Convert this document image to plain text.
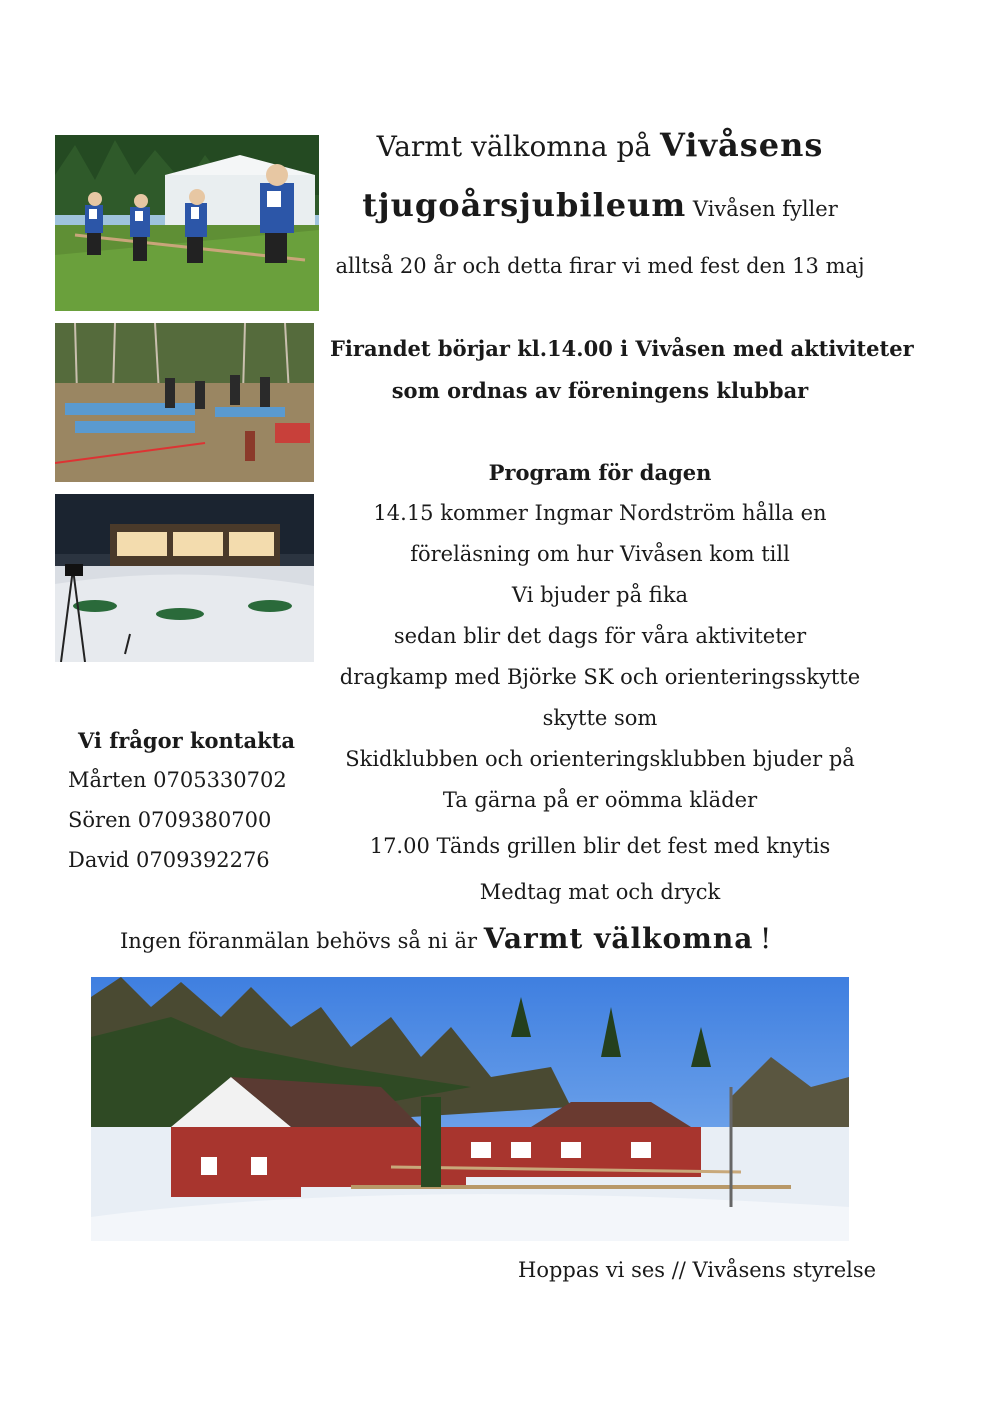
Varmt välkomna på Vivåsens
tjugoårsjubileum Vivåsen fyller
alltså 20 år och detta firar vi med fest den 13 maj
Firandet börjar kl.14.00 i Vivåsen med aktiviteter
som ordnas av föreningens klubbar
Program för dagen
14.15 kommer Ingmar Nordström hålla en
föreläsning om hur Vivåsen kom till
Vi bjuder på fika
sedan blir det dags för våra aktiviteter
dragkamp med Björke SK och orienteringsskytte
skytte som
Skidklubben och orienteringsklubben bjuder på
Ta gärna på er oömma kläder
17.00 Tänds grillen blir det fest med knytis
Medtag mat och dryck
Vi frågor kontakta
Mårten 0705330702
Sören 0709380700
David 0709392276
Ingen föranmälan behövs så ni är Varmt välkomna !
Hoppas vi ses // Vivåsens styrelse
